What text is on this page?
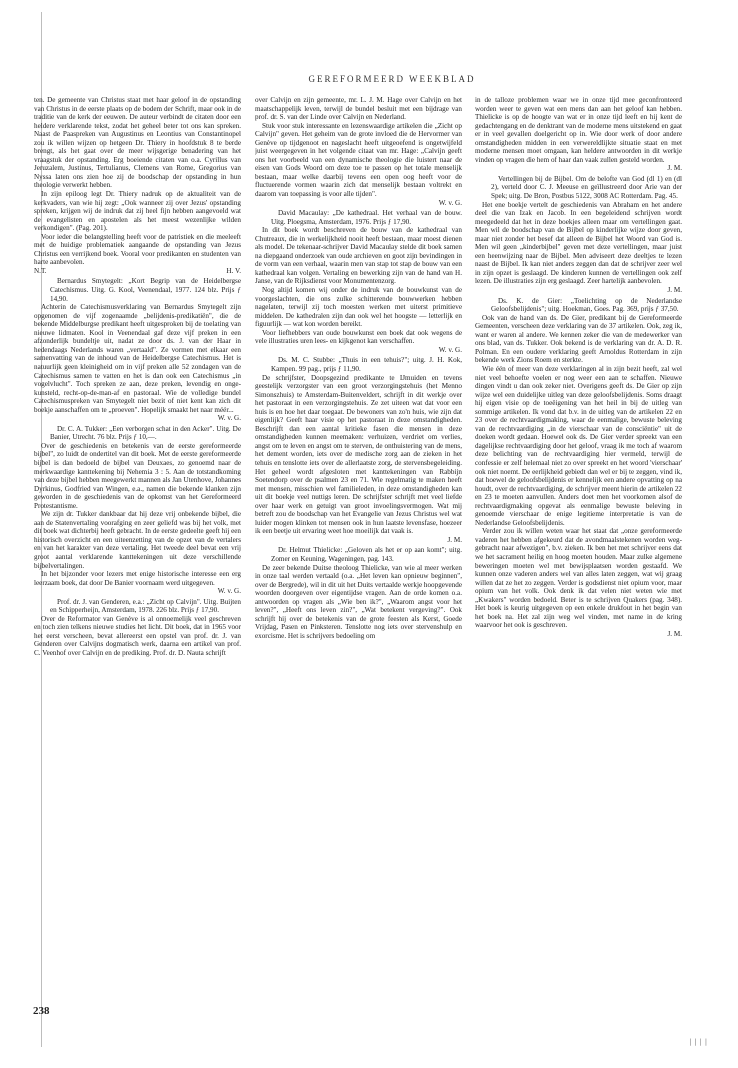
GEREFORMEERD WEEKBLAD

ten. De gemeente van Christus staat met haar geloof in de opstanding van Christus in de eerste plaats op de bodem der Schrift, maar ook in de traditie van de kerk der eeuwen. De auteur verbindt de citaten door een heldere verklarende tekst, zodat het geheel beter tot ons kan spreken. Naast de Paaspreken van Augustinus en Leontius van Constantinopel zou ik willen wijzen op hetgeen Dr. Thiery in hoofdstuk 8 te berde brengt, als het gaat over de meer wijsgerige benadering van het vraagstuk der opstanding. Erg boeiende citaten van o.a. Cyrillus van Jeruzalem, Justinus, Tertulianus, Clemens van Rome, Gregorius van Nyssa laten ons zien hoe zij de boodschap der opstanding in hun theologie verwerkt hebben.

In zijn epiloog legt Dr. Thiery nadruk op de aktualiteit van de kerkvaders, van wie hij zegt: „Ook wanneer zij over Jezus' opstanding spreken, krijgen wij de indruk dat zij heel fijn hebben aangevoeld wat de evangelisten en apostelen als het meest wezenlijke wilden verkondigen". (Pag. 201).

Voor ieder die belangstelling heeft voor de patristiek en die meeleeft met de huidige problematiek aangaande de opstanding van Jezus Christus een verrijkend boek. Vooral voor predikanten en studenten van harte aanbevolen.

N.T.	H. V.

Bernardus Smytegelt: „Kort Begrip van de Heidelbergse Catechismus. Uitg. G. Kool, Veenendaal, 1977. 124 blz. Prijs ƒ 14,90.

Achterin de Catechismusverklaring van Bernardus Smytegelt zijn opgenomen de vijf zogenaamde „belijdenis-predikatiën", die de bekende Middelburgse predikant heeft uitgesproken bij de toelating van nieuwe lidmaten. Kool in Veenendaal gaf deze vijf preken in een afzonderlijk bundeltje uit, nadat ze door ds. J. van der Haar in hedendaags Nederlands waren „vertaald". Ze vormen met elkaar een samenvatting van de inhoud van de Heidelbergse Catechismus. Het is natuurlijk geen kleinigheid om in vijf preken alle 52 zondagen van de Catechismus samen te vatten en het is dan ook een Catechismus „in vogelvlucht". Toch spreken ze aan, deze preken, levendig en ongekunsteld, recht-op-de-man-af en pastoraal. Wie de volledige bundel Catechismuspreken van Smytegelt niet bezit of niet kent kan zich dit boekje aanschaffen om te „proeven". Hopelijk smaakt het naar méér...

W. v. G.

Dr. C. A. Tukker: „Een verborgen schat in den Acker". Uitg. De Banier, Utrecht. 76 blz. Prijs ƒ 10,—.

Over de geschiedenis en betekenis van de eerste gereformeerde bijbel", zo luidt de ondertitel van dit boek. Met de eerste gereformeerde bijbel is dan bedoeld de bijbel van Deuxaes, zo genoemd naar de merkwaardige kanttekening bij Nehemia 3 : 5. Aan de totstandkoming van deze bijbel hebben meegewerkt mannen als Jan Utenhove, Johannes Dyrkinus, Godfried van Wingen, e.a., namen die bekende klanken zijn geworden in de geschiedenis van de opkomst van het Gereformeerd Protestantisme.

We zijn dr. Tukker dankbaar dat hij deze vrij onbekende bijbel, die aan de Statenvertaling voorafging en zeer geliefd was bij het volk, met dit boek wat dichterbij heeft gebracht. In de eerste gedeelte geeft hij een historisch overzicht en een uiteenzetting van de opzet van de vertalers en van het karakter van deze vertaling. Het tweede deel bevat een vrij groot aantal verklarende kanttekeningen uit deze verschillende bijbelvertalingen.

In het bijzonder voor lezers met enige historische interesse een erg leerzaam boek, dat door De Banier voornaam werd uitgegeven.

W. v. G.

Prof. dr. J. van Genderen, e.a.: „Zicht op Calvijn". Uitg. Buijten en Schipperheijn, Amsterdam, 1978. 226 blz. Prijs ƒ 17,90.

Over de Reformator van Genève is al onnoemelijk veel geschreven en toch zien telkens nieuwe studies het licht. Dit boek, dat in 1965 voor het eerst verscheen, bevat allereerst een opstel van prof. dr. J. van Genderen over Calvijns dogmatisch werk, daarna een artikel van prof. C. Veenhof over Calvijn en de prediking. Prof. dr. D. Nauta schrijft

over Calvijn en zijn gemeente, mr. L. J. M. Hage over Calvijn en het maatschappelijk leven, terwijl de bundel besluit met een bijdrage van prof. dr. S. van der Linde over Calvijn en Nederland.

Stuk voor stuk interessante en lezenswaardige artikelen die „Zicht op Calvijn" geven. Het geheim van de grote invloed die de Hervormer van Genève op tijdgenoot en nageslacht heeft uitgeoefend is ongetwijfeld juist weergegeven in het volgende citaat van mr. Hage: „Calvijn geeft ons het voorbeeld van een dynamische theologie die luistert naar de eisen van Gods Woord om deze toe te passen op het totale menselijk bestaan, maar welke daarbij tevens een open oog heeft voor de fluctuerende vormen waarin zich dat menselijk bestaan voltrekt en daarom van toepassing is voor alle tijden".

W. v. G.

David Macaulay: „De kathedraal. Het verhaal van de bouw. Uitg. Ploegsma, Amsterdam, 1976. Prijs ƒ 17,90.

In dit boek wordt beschreven de bouw van de kathedraal van Chutreaux, die in werkelijkheid nooit heeft bestaan, maar moest dienen als model. De tekenaar-schrijver David Macaulay stelde dit boek samen na diepgaand onderzoek van oude archieven en goot zijn bevindingen in de vorm van een verhaal, waarin men van stap tot stap de bouw van een kathedraal kan volgen. Vertaling en bewerking zijn van de hand van H. Janse, van de Rijksdienst voor Monumentenzorg.

Nog altijd komen wij onder de indruk van de bouwkunst van de voorgeslachten, die ons zulke schitterende bouwwerken hebben nagelaten, terwijl zij toch moesten werken met uiterst primitieve middelen. De kathedralen zijn dan ook wel het hoogste — letterlijk en figuurlijk — wat kon worden bereikt.

Voor liefhebbers van oude bouwkunst een boek dat ook wegens de vele illustraties uren lees- en kijkgenot kan verschaffen.

W. v. G.

Ds. M. C. Stubbe: „Thuis in een tehuis?"; uitg. J. H. Kok, Kampen. 99 pag., prijs ƒ 11,90.

De schrijfster, Doopsgezind predikante te IJmuiden en tevens geestelijk verzorgster van een groot verzorgingstehuis (het Menno Simonszhuis) te Amsterdam-Buitenveldert, schrijft in dit werkje over het pastoraat in een verzorgingstehuis. Ze zet uiteen wat dat voor een huis is en hoe het daar toegaat. De bewoners van zo'n huis, wie zijn dat eigenlijk? Geeft haar visie op het pastoraat in deze omstandigheden. Beschrijft dan een aantal kritieke fasen die mensen in deze omstandigheden kunnen meemaken: verhuizen, verdriet om verlies, angst om te leven en angst om te sterven, de onthuistering van de mens, het dement worden, iets over de medische zorg aan de zieken in het tehuis en tenslotte iets over de allerlaatste zorg, de stervensbegeleiding. Het geheel wordt afgesloten met kanttekeningen van Rabbijn Soetendorp over de psalmen 23 en 71. Wie regelmatig te maken heeft met mensen, misschien wel familieleden, in deze omstandigheden kan uit dit boekje veel nuttigs leren. De schrijfster schrijft met veel liefde over haar werk en getuigt van groot invoelingsvermogen. Wat mij betreft zou de boodschap van het Evangelie van Jezus Christus wel wat luider mogen klinken tot mensen ook in hun laatste levensfase, hoezeer ik een beetje uit ervaring weet hoe moeilijk dat vaak is.

J. M.

Dr. Helmut Thielicke: „Geloven als het er op aan komt"; uitg. Zomer en Keuning, Wageningen, pag. 143.

De zeer bekende Duitse theoloog Thielicke, van wie al meer werken in onze taal werden vertaald (o.a. „Het leven kan opnieuw beginnen", over de Bergrede), wil in dit uit het Duits vertaalde werkje hoopgevende woorden doorgeven over eigentijdse vragen. Aan de orde komen o.a. antwoorden op vragen als „Wie ben ik?", „Waarom angst voor het leven?", „Heeft ons leven zin?", „Wat betekent vergeving?". Ook schrijft hij over de betekenis van de grote feesten als Kerst, Goede Vrijdag, Pasen en Pinksteren. Tenslotte nog iets over stervenshulp en exorcisme. Het is schrijvers bedoeling om

in de talloze problemen waar we in onze tijd mee geconfronteerd worden weer te geven wat een mens dan aan het geloof kan hebben. Thielicke is op de hoogte van wat er in onze tijd leeft en hij kent de gedachtengang en de denktrant van de moderne mens uitstekend en gaat er in veel gevallen doelgericht op in. Wie door werk of door andere omstandigheden midden in een verwereldlijkte situatie staat en met moderne mensen moet omgaan, kan heldere antwoorden in dit werkje vinden op vragen die hem of haar dan vaak zullen gesteld worden.

J. M.

Vertellingen bij de Bijbel. Om de belofte van God (dl 1) en (dl 2), verteld door C. J. Meeuse en geïllustreerd door Arie van der Spek; uitg. De Bron, Postbus 5122, 3008 AC Rotterdam. Pag. 45.

Het ene boekje vertelt de geschiedenis van Abraham en het andere deel die van Izak en Jacob. In een begeleidend schrijven wordt meegedeeld dat het in deze boekjes alleen maar om vertellingen gaat. Men wil de boodschap van de Bijbel op kinderlijke wijze door geven, maar niet zonder het besef dat alleen de Bijbel het Woord van God is. Men wil geen „kinderbijbel" geven met deze vertellingen, maar juist een heenwijzing naar de Bijbel. Men adviseert deze deeltjes te lezen naast de Bijbel. Ik kan niet anders zeggen dan dat de schrijver zeer wel in zijn opzet is geslaagd. De kinderen kunnen de vertellingen ook zelf lezen. De illustraties zijn erg geslaagd. Zeer hartelijk aanbevolen.

J. M.

Ds. K. de Gier: „Toelichting op de Nederlandse Geloofsbelijdenis"; uitg. Hoekman, Goes. Pag. 369, prijs ƒ 37,50.

Ook van de hand van ds. De Gier, predikant bij de Gereformeerde Gemeenten, verscheen deze verklaring van de 37 artikelen. Ook, zeg ik, want er waren al andere. We kennen zeker die van de medewerker van ons blad, van ds. Tukker. Ook bekend is de verklaring van dr. A. D. R. Polman. En een oudere verklaring geeft Arnoldus Rotterdam in zijn bekende werk Zions Roem en sterkte.

Wie één of meer van deze verklaringen al in zijn bezit heeft, zal wel niet veel behoefte voelen er nog weer een aan te schaffen. Nieuwe dingen vindt u dan ook zeker niet. Overigens geeft ds. De Gier op zijn wijze wel een duidelijke uitleg van deze geloofsbelijdenis. Soms draagt hij eigen visie op de toeëigening van het heil in bij de uitleg van sommige artikelen. Ik vond dat b.v. in de uitleg van de artikelen 22 en 23 over de rechtvaardigmaking, waar de eenmalige, bewuste beleving van de rechtvaardiging „in de vierschaar van de consciëntie" uit de doeken wordt gedaan. Hoewel ook ds. De Gier verder spreekt van een dagelijkse rechtvaardiging door het geloof, vraag ik me toch af waarom deze belichting van de rechtvaardiging hier vermeld, terwijl de confessie er zelf helemaal niet zo over spreekt en het woord 'vierschaar' ook niet noemt. De eerlijkheid gebiedt dan wel er bij te zeggen, vind ik, dat hoewel de geloofsbelijdenis er kennelijk een andere opvatting op na houdt, over de rechtvaardiging, de schrijver meent hierin de artikelen 22 en 23 te moeten aanvullen. Anders doet men het voorkomen alsof de rechtvaardigmaking opgevat als eenmalige bewuste beleving in genoemde vierschaar de enige legitieme interpretatie is van de Nederlandse Geloofsbelijdenis.

Verder zou ik willen weten waar het staat dat „onze gereformeerde vaderen het hebben afgekeurd dat de avondmaalstekenen worden weggebracht naar afwezigen", b.v. zieken. Ik ben het met schrijver eens dat we het sacrament heilig en hoog moeten houden. Maar zulke algemene beweringen moeten wel met bewijsplaatsen worden gestaafd. We kunnen onze vaderen anders wel van alles laten zeggen, wat wij graag willen dat ze het zo zeggen. Verder is godsdienst niet opium voor, maar opium van het volk. Ook denk ik dat velen niet weten wie met „Kwakers" worden bedoeld. Beter is te schrijven Quakers (pag. 348). Het boek is keurig uitgegeven op een enkele drukfout in het begin van het boek na. Het zal zijn weg wel vinden, met name in de kring waarvoor het ook is geschreven.

J. M.
238
││││
